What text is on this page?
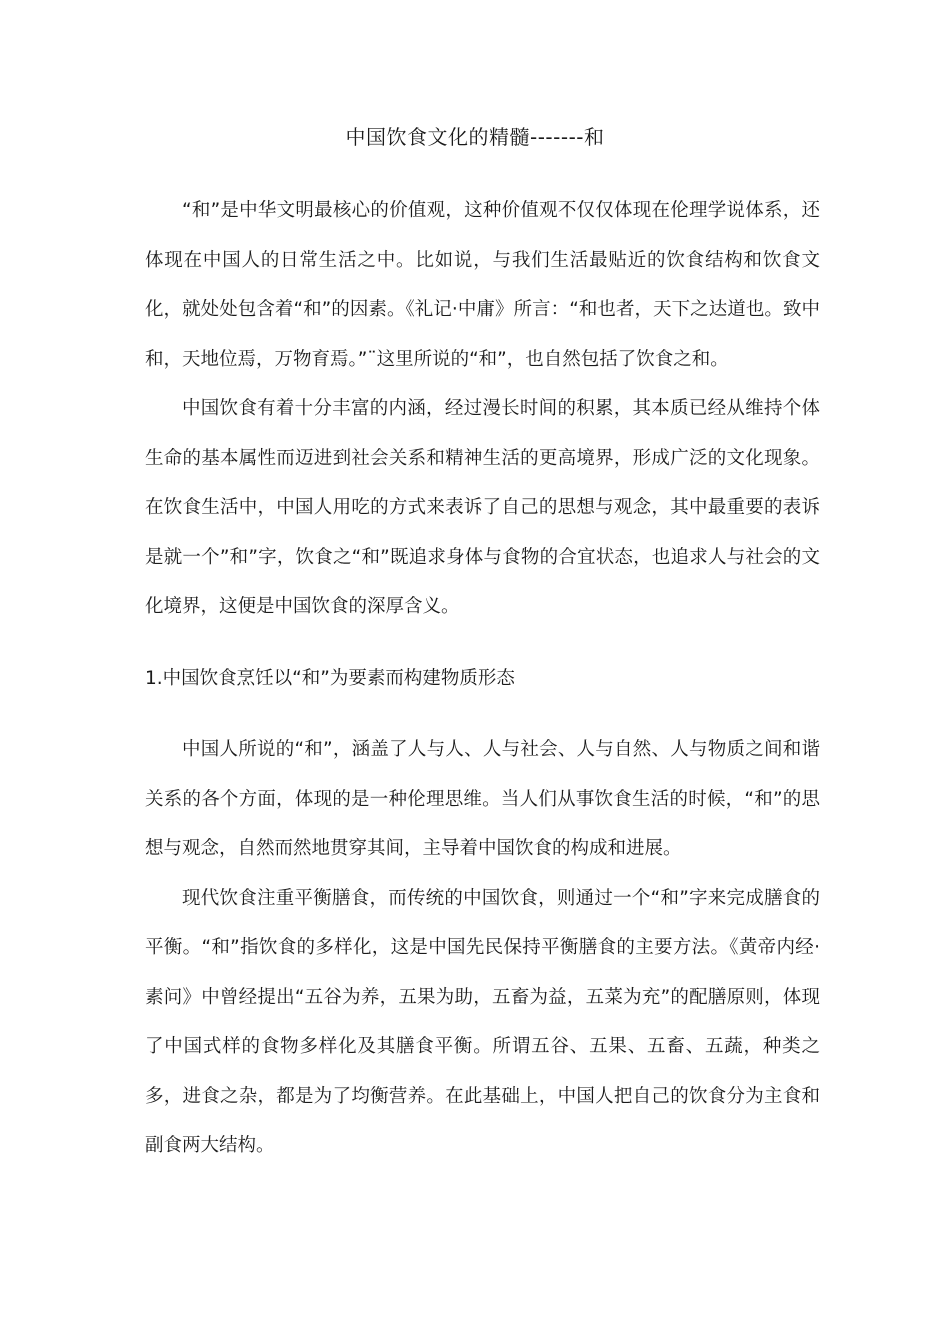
中国饮食文化的精髓-------和

“和”是中华文明最核心的价值观，这种价值观不仅仅体现在伦理学说体系，还体现在中国人的日常生活之中。比如说，与我们生活最贴近的饮食结构和饮食文化，就处处包含着“和”的因素。《礼记·中庸》所言：“和也者，天下之达道也。致中和，天地位焉，万物育焉。”¨这里所说的“和”，也自然包括了饮食之和。

中国饮食有着十分丰富的内涵，经过漫长时间的积累，其本质已经从维持个体生命的基本属性而迈进到社会关系和精神生活的更高境界，形成广泛的文化现象。在饮食生活中，中国人用吃的方式来表诉了自己的思想与观念，其中最重要的表诉是就一个”和”字，饮食之“和”既追求身体与食物的合宜状态，也追求人与社会的文化境界，这便是中国饮食的深厚含义。

1.中国饮食烹饪以“和”为要素而构建物质形态

中国人所说的“和”，涵盖了人与人、人与社会、人与自然、人与物质之间和谐关系的各个方面，体现的是一种伦理思维。当人们从事饮食生活的时候，“和”的思想与观念，自然而然地贯穿其间，主导着中国饮食的构成和进展。

现代饮食注重平衡膳食，而传统的中国饮食，则通过一个“和”字来完成膳食的平衡。“和”指饮食的多样化，这是中国先民保持平衡膳食的主要方法。《黄帝内经·素问》中曾经提出“五谷为养，五果为助，五畜为益，五菜为充”的配膳原则，体现了中国式样的食物多样化及其膳食平衡。所谓五谷、五果、五畜、五蔬，种类之多，进食之杂，都是为了均衡营养。在此基础上，中国人把自己的饮食分为主食和副食两大结构。
